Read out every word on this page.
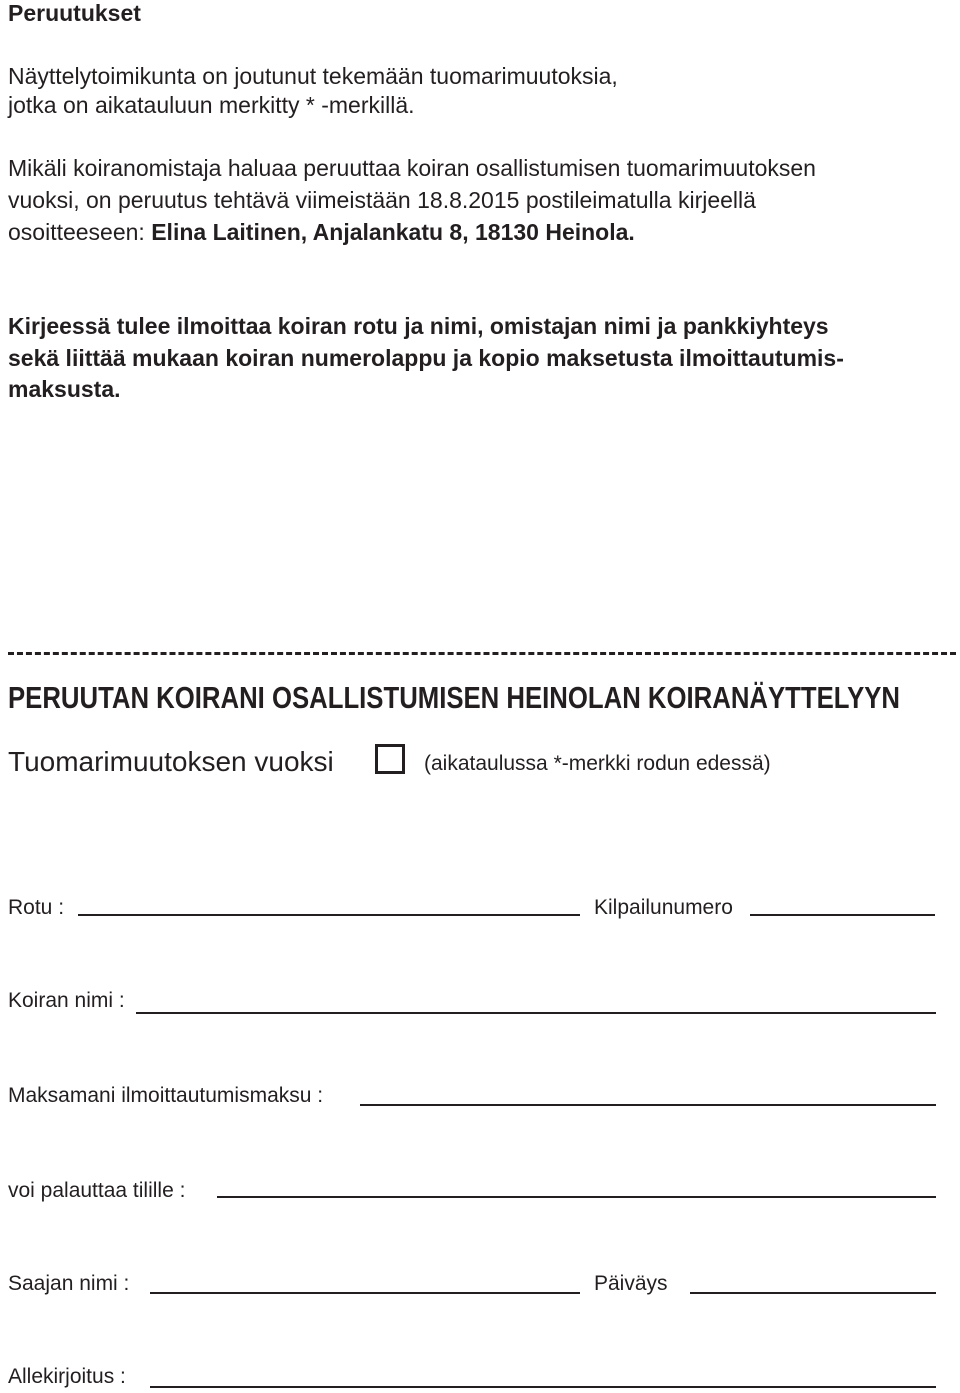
Peruutukset
Näyttelytoimikunta on joutunut tekemään tuomarimuutoksia,
jotka on aikatauluun merkitty * -merkillä.
Mikäli koiranomistaja haluaa peruuttaa koiran osallistumisen tuomarimuutoksen
vuoksi, on peruutus tehtävä viimeistään 18.8.2015 postileimatulla kirjeellä
osoitteeseen: Elina Laitinen, Anjalankatu 8, 18130 Heinola.
Kirjeessä tulee ilmoittaa koiran rotu ja nimi, omistajan nimi ja pankkiyhteys
sekä liittää mukaan koiran numerolappu ja kopio maksetusta ilmoittautumis-
maksusta.
PERUUTAN KOIRANI OSALLISTUMISEN HEINOLAN KOIRANÄYTTELYYN
Tuomarimuutoksen vuoksi	(aikataulussa *-merkki rodun edessä)
Rotu :	Kilpailunumero
Koiran nimi :
Maksamani ilmoittautumismaksu :
voi palauttaa tilille :
Saajan nimi :	Päiväys
Allekirjoitus :
